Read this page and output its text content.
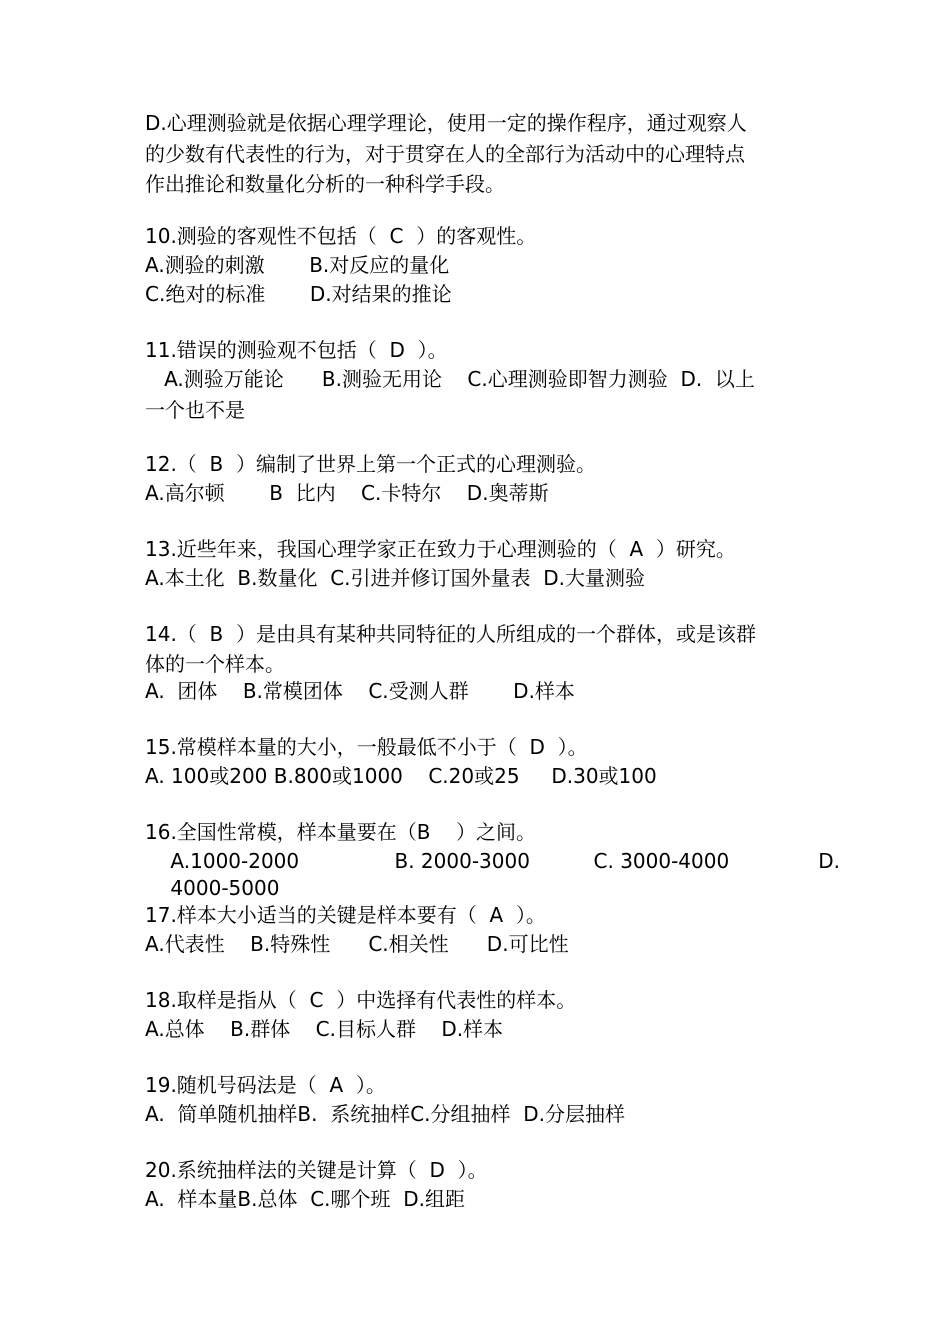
D.心理测验就是依据心理学理论，使用一定的操作程序，通过观察人
的少数有代表性的行为，对于贯穿在人的全部行为活动中的心理特点
作出推论和数量化分析的一种科学手段。
10.测验的客观性不包括（  C  ）的客观性。
A.测验的刺激       B.对反应的量化
C.绝对的标准       D.对结果的推论
11.错误的测验观不包括（  D  ）。
A.测验万能论      B.测验无用论    C.心理测验即智力测验  D.  以上
一个也不是
12.（  B  ）编制了世界上第一个正式的心理测验。
A.高尔顿       B  比内    C.卡特尔    D.奥蒂斯
13.近些年来，我国心理学家正在致力于心理测验的（  A  ）研究。
A.本土化  B.数量化  C.引进并修订国外量表  D.大量测验
14.（  B  ）是由具有某种共同特征的人所组成的一个群体，或是该群
体的一个样本。
A.  团体    B.常模团体    C.受测人群       D.样本
15.常模样本量的大小，一般最低不小于（  D  ）。
A. 100或200 B.800或1000    C.20或25     D.30或100
16.全国性常模，样本量要在（B    ）之间。
A.1000-2000               B. 2000-3000          C. 3000-4000              D.
4000-5000
17.样本大小适当的关键是样本要有（  A  ）。
A.代表性    B.特殊性      C.相关性      D.可比性
18.取样是指从（  C  ）中选择有代表性的样本。
A.总体    B.群体    C.目标人群    D.样本
19.随机号码法是（  A  ）。
A.  简单随机抽样B.  系统抽样C.分组抽样  D.分层抽样
20.系统抽样法的关键是计算（  D  ）。
A.  样本量B.总体  C.哪个班  D.组距
